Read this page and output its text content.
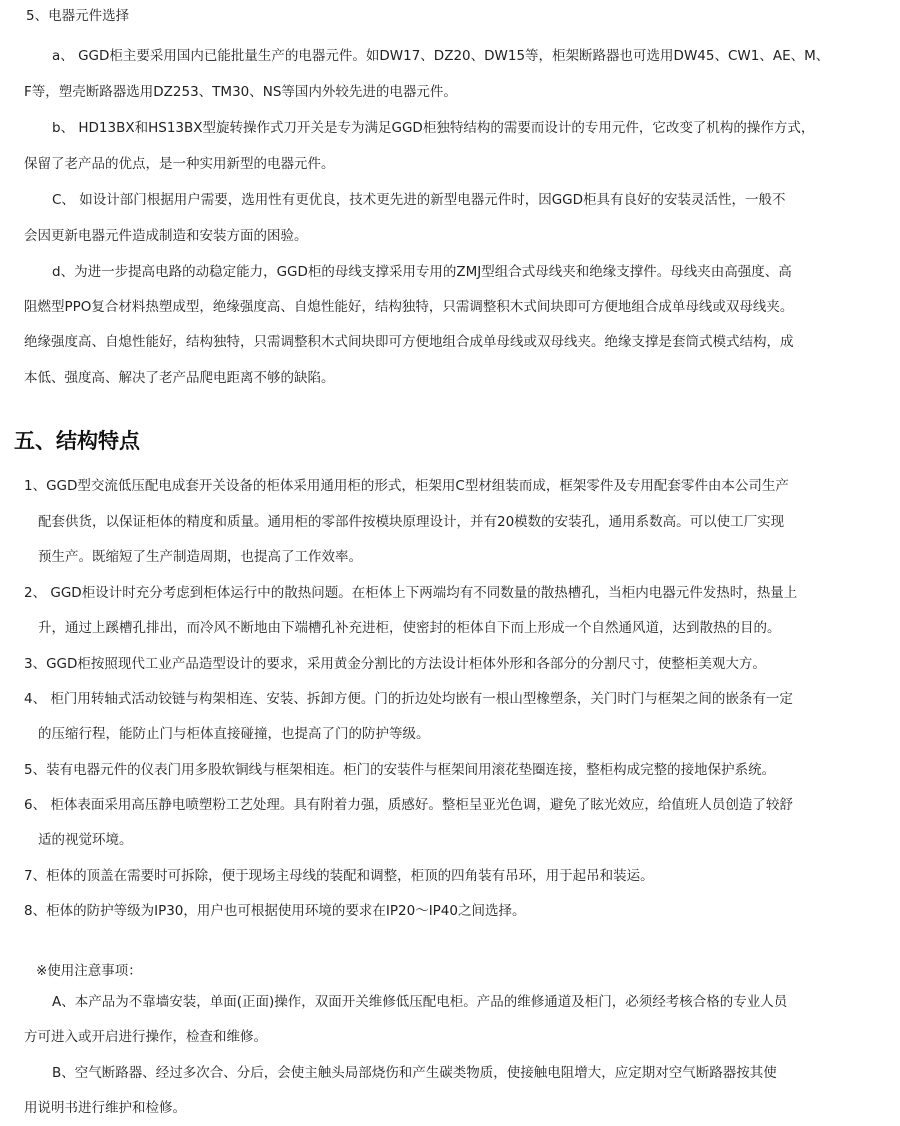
5、电器元件选择
a、 GGD柜主要采用国内已能批量生产的电器元件。如DW17、DZ20、DW15等，柜架断路器也可选用DW45、CW1、AE、M、
F等，塑壳断路器选用DZ253、TM30、NS等国内外较先进的电器元件。
b、 HD13BX和HS13BX型旋转操作式刀开关是专为满足GGD柜独特结构的需要而设计的专用元件，它改变了机构的操作方式，
保留了老产品的优点，是一种实用新型的电器元件。
C、 如设计部门根据用户需要，选用性有更优良，技术更先进的新型电器元件时，因GGD柜具有良好的安装灵活性，一般不
会因更新电器元件造成制造和安装方面的困验。
d、为进一步提高电路的动稳定能力，GGD柜的母线支撑采用专用的ZMJ型组合式母线夹和绝缘支撑件。母线夹由高强度、高
阻燃型PPO复合材料热塑成型，绝缘强度高、自熄性能好，结构独特，只需调整积木式间块即可方便地组合成单母线或双母线夹。
绝缘强度高、自熄性能好，结构独特，只需调整积木式间块即可方便地组合成单母线或双母线夹。绝缘支撑是套筒式模式结构，成
本低、强度高、解决了老产品爬电距离不够的缺陷。
五、结构特点
1、GGD型交流低压配电成套开关设备的柜体采用通用柜的形式，柜架用C型材组装而成，框架零件及专用配套零件由本公司生产
配套供货，以保证柜体的精度和质量。通用柜的零部件按模块原理设计，并有20模数的安装孔，通用系数高。可以使工厂实现
预生产。既缩短了生产制造周期，也提高了工作效率。
2、 GGD柜设计时充分考虑到柜体运行中的散热问题。在柜体上下两端均有不同数量的散热槽孔，当柜内电器元件发热时，热量上
升，通过上蹊槽孔排出，而冷风不断地由下端槽孔补充进柜，使密封的柜体自下而上形成一个自然通风道，达到散热的目的。
3、GGD柜按照现代工业产品造型设计的要求，采用黄金分割比的方法设计柜体外形和各部分的分割尺寸，使整柜美观大方。
4、 柜门用转轴式活动铰链与构架相连、安装、拆卸方便。门的折边处均嵌有一根山型橡塑条，关门时门与框架之间的嵌条有一定
的压缩行程，能防止门与柜体直接碰撞，也提高了门的防护等级。
5、装有电器元件的仪表门用多股软铜线与框架相连。柜门的安装件与框架间用滚花垫圈连接，整柜构成完整的接地保护系统。
6、 柜体表面采用高压静电喷塑粉工艺处理。具有附着力强，质感好。整柜呈亚光色调，避免了眩光效应，给值班人员创造了较舒
适的视觉环境。
7、柜体的顶盖在需要时可拆除，便于现场主母线的装配和调整，柜顶的四角装有吊环，用于起吊和装运。
8、柜体的防护等级为IP30，用户也可根据使用环境的要求在IP20～IP40之间选择。
※使用注意事项：
A、本产品为不靠墙安装，单面(正面)操作，双面开关维修低压配电柜。产品的维修通道及柜门，必须经考核合格的专业人员
方可进入或开启进行操作，检查和维修。
B、空气断路器、经过多次合、分后，会使主触头局部烧伤和产生碳类物质，使接触电阻增大，应定期对空气断路器按其使
用说明书进行维护和检修。
